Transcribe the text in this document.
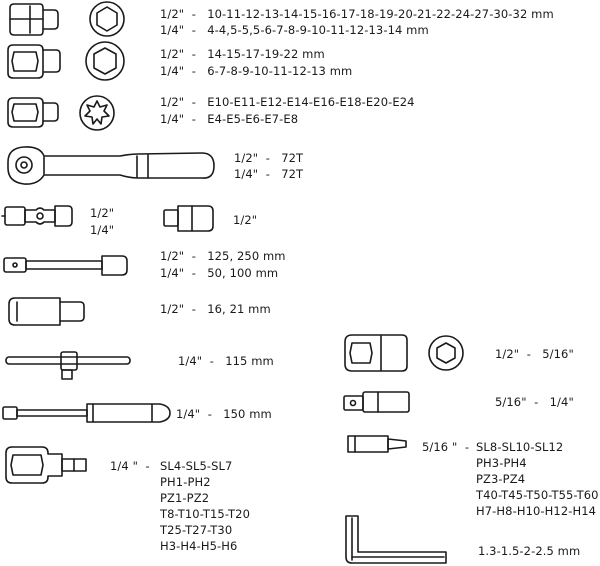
1/2"  -   10-11-12-13-14-15-16-17-18-19-20-21-22-24-27-30-32 mm
1/4"  -   4-4,5-5,5-6-7-8-9-10-11-12-13-14 mm
1/2"  -   14-15-17-19-22 mm
1/4"  -   6-7-8-9-10-11-12-13 mm
1/2"  -   E10-E11-E12-E14-E16-E18-E20-E24
1/4"  -   E4-E5-E6-E7-E8
1/2"  -   72T
1/4"  -   72T
1/2"
1/4"
1/2"
1/2"  -   125, 250 mm
1/4"  -   50, 100 mm
1/2"  -   16, 21 mm
1/4"  -   115 mm
1/4"  -   150 mm
1/4 "  - SL4-SL5-SL7
PH1-PH2
PZ1-PZ2
T8-T10-T15-T20
T25-T27-T30
H3-H4-H5-H6
1/2"  -   5/16"
5/16"  -   1/4"
5/16 "  - SL8-SL10-SL12
PH3-PH4
PZ3-PZ4
T40-T45-T50-T55-T60
H7-H8-H10-H12-H14
1.3-1.5-2-2.5 mm
